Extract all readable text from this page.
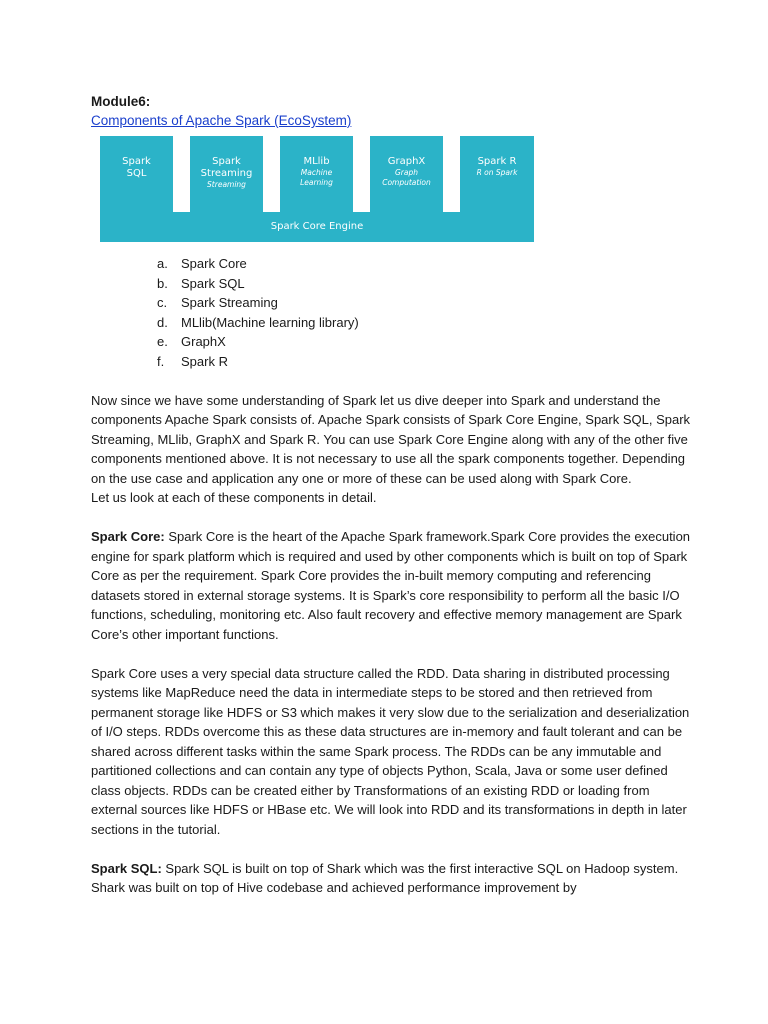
Module6:

Components of Apache Spark (EcoSystem)
Spark SQL
Spark Streaming
Streaming
MLlib
Machine Learning
GraphX
Graph Computation
Spark R
R on Spark
Spark Core Engine
a. Spark Core
b. Spark SQL
c. Spark Streaming
d. MLlib(Machine learning library)
e. GraphX
f. Spark R

Now since we have some understanding of Spark let us dive deeper into Spark and understand the components Apache Spark consists of. Apache Spark consists of Spark Core Engine, Spark SQL, Spark Streaming, MLlib, GraphX and Spark R. You can use Spark Core Engine along with any of the other five components mentioned above. It is not necessary to use all the spark components together. Depending on the use case and application any one or more of these can be used along with Spark Core.

Let us look at each of these components in detail.

Spark Core: Spark Core is the heart of the Apache Spark framework.Spark Core provides the execution engine for spark platform which is required and used by other components which is built on top of Spark Core as per the requirement. Spark Core provides the in-built memory computing and referencing datasets stored in external storage systems. It is Spark’s core responsibility to perform all the basic I/O functions, scheduling, monitoring etc. Also fault recovery and effective memory management are Spark Core’s other important functions.

Spark Core uses a very special data structure called the RDD. Data sharing in distributed processing systems like MapReduce need the data in intermediate steps to be stored and then retrieved from permanent storage like HDFS or S3 which makes it very slow due to the serialization and deserialization of I/O steps. RDDs overcome this as these data structures are in-memory and fault tolerant and can be shared across different tasks within the same Spark process. The RDDs can be any immutable and partitioned collections and can contain any type of objects Python, Scala, Java or some user defined class objects. RDDs can be created either by Transformations of an existing RDD or loading from external sources like HDFS or HBase etc. We will look into RDD and its transformations in depth in later sections in the tutorial.

Spark SQL: Spark SQL is built on top of Shark which was the first interactive SQL on Hadoop system. Shark was built on top of Hive codebase and achieved performance improvement by
